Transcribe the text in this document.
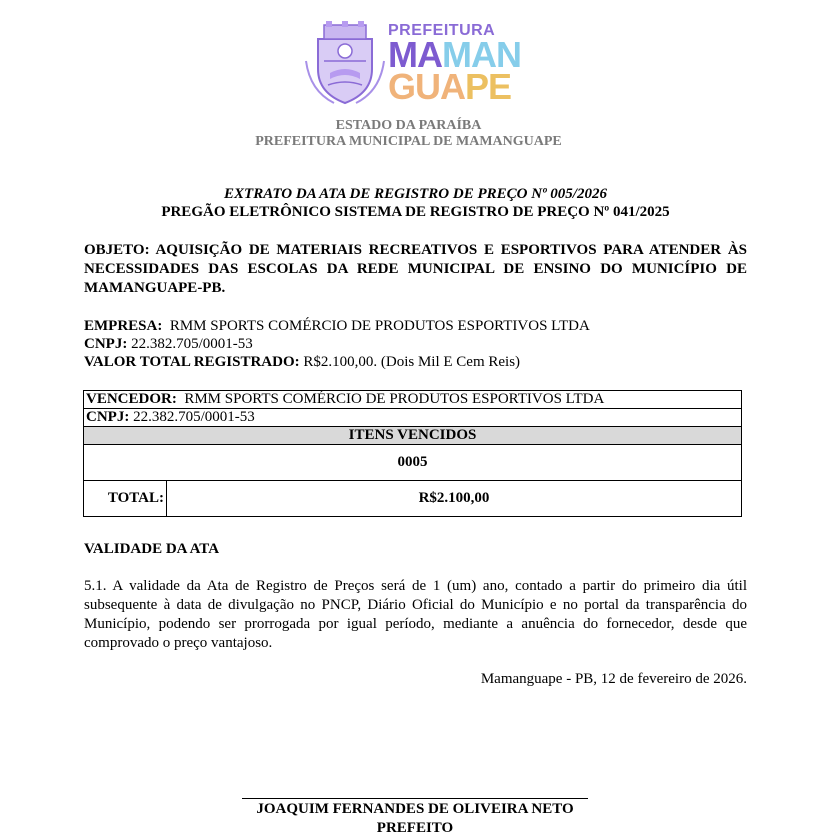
PREFEITURA
MAMAN
GUAPE
ESTADO DA PARAÍBA
PREFEITURA MUNICIPAL DE MAMANGUAPE
EXTRATO DA ATA DE REGISTRO DE PREÇO Nº 005/2026
PREGÃO ELETRÔNICO SISTEMA DE REGISTRO DE PREÇO Nº 041/2025
OBJETO: AQUISIÇÃO DE MATERIAIS RECREATIVOS E ESPORTIVOS PARA ATENDER ÀS NECESSIDADES DAS ESCOLAS DA REDE MUNICIPAL DE ENSINO DO MUNICÍPIO DE MAMANGUAPE-PB.
EMPRESA:  RMM SPORTS COMÉRCIO DE PRODUTOS ESPORTIVOS LTDA
CNPJ: 22.382.705/0001-53
VALOR TOTAL REGISTRADO: R$2.100,00. (Dois Mil E Cem Reis)
VENCEDOR:  RMM SPORTS COMÉRCIO DE PRODUTOS ESPORTIVOS LTDA
CNPJ: 22.382.705/0001-53
ITENS VENCIDOS
0005
TOTAL:	R$2.100,00
VALIDADE DA ATA
5.1. A validade da Ata de Registro de Preços será de 1 (um) ano, contado a partir do primeiro dia útil subsequente à data de divulgação no PNCP, Diário Oficial do Município e no portal da transparência do Município, podendo ser prorrogada por igual período, mediante a anuência do fornecedor, desde que comprovado o preço vantajoso.
Mamanguape - PB, 12 de fevereiro de 2026.
JOAQUIM FERNANDES DE OLIVEIRA NETO
PREFEITO
